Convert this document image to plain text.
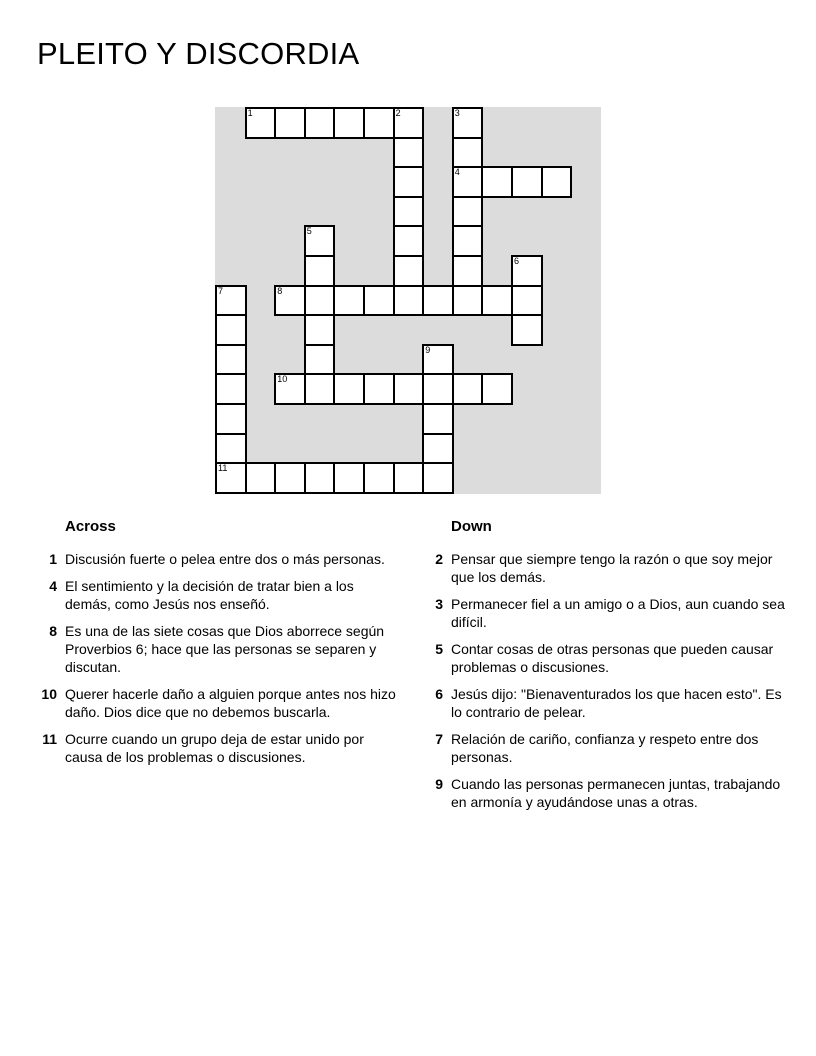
PLEITO Y DISCORDIA
1	2	3
4
5
6
7	8
9
10
11
Across
1 Discusión fuerte o pelea entre dos o más personas.
4 El sentimiento y la decisión de tratar bien a los demás, como Jesús nos enseñó.
8 Es una de las siete cosas que Dios aborrece según Proverbios 6; hace que las personas se separen y discutan.
10 Querer hacerle daño a alguien porque antes nos hizo daño. Dios dice que no debemos buscarla.
11 Ocurre cuando un grupo deja de estar unido por causa de los problemas o discusiones.
Down
2 Pensar que siempre tengo la razón o que soy mejor que los demás.
3 Permanecer fiel a un amigo o a Dios, aun cuando sea difícil.
5 Contar cosas de otras personas que pueden causar problemas o discusiones.
6 Jesús dijo: "Bienaventurados los que hacen esto". Es lo contrario de pelear.
7 Relación de cariño, confianza y respeto entre dos personas.
9 Cuando las personas permanecen juntas, trabajando en armonía y ayudándose unas a otras.
